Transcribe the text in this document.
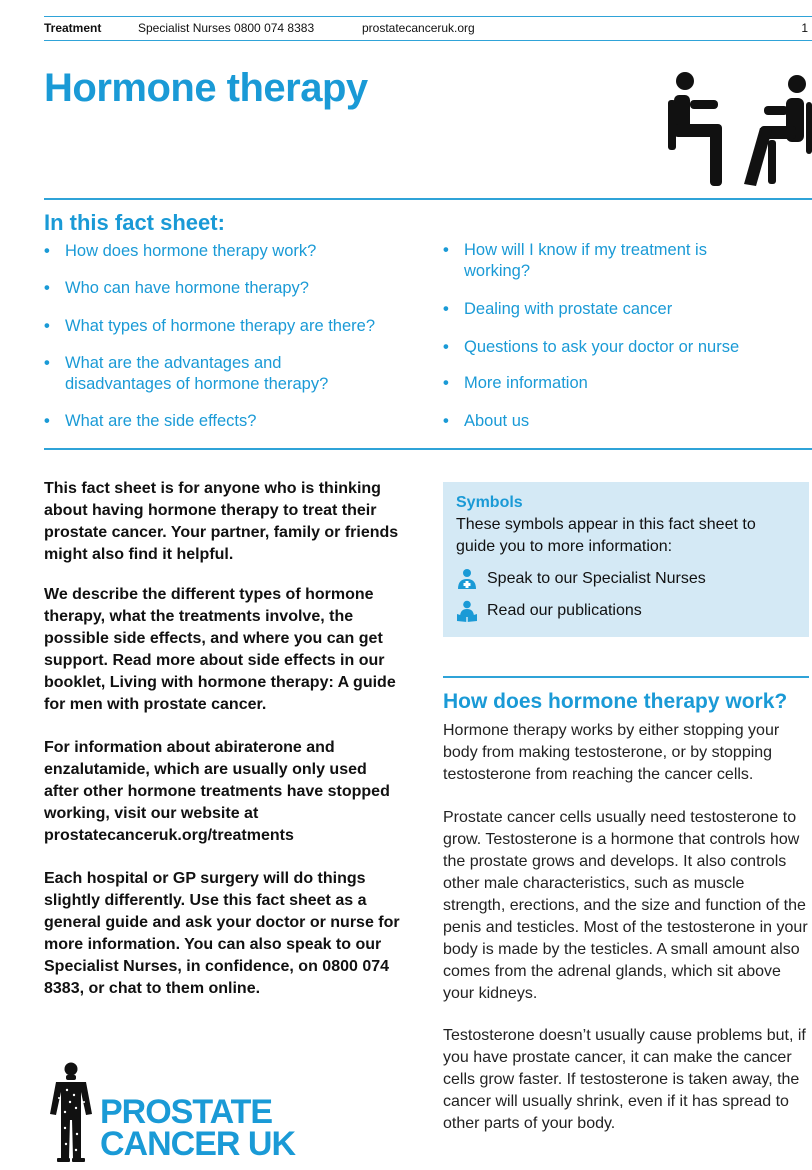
Treatment	Specialist Nurses 0800 074 8383	prostatecanceruk.org	1
Hormone therapy
In this fact sheet:
• How does hormone therapy work?
• Who can have hormone therapy?
• What types of hormone therapy are there?
• What are the advantages and disadvantages of hormone therapy?
• What are the side effects?
• How will I know if my treatment is working?
• Dealing with prostate cancer
• Questions to ask your doctor or nurse
• More information
• About us

This fact sheet is for anyone who is thinking about having hormone therapy to treat their prostate cancer. Your partner, family or friends might also find it helpful.

We describe the different types of hormone therapy, what the treatments involve, the possible side effects, and where you can get support. Read more about side effects in our booklet, Living with hormone therapy: A guide for men with prostate cancer.

For information about abiraterone and enzalutamide, which are usually only used after other hormone treatments have stopped working, visit our website at prostatecanceruk.org/treatments

Each hospital or GP surgery will do things slightly differently. Use this fact sheet as a general guide and ask your doctor or nurse for more information. You can also speak to our Specialist Nurses, in confidence, on 0800 074 8383, or chat to them online.

Symbols
These symbols appear in this fact sheet to guide you to more information:
Speak to our Specialist Nurses
Read our publications
How does hormone therapy work?

Hormone therapy works by either stopping your body from making testosterone, or by stopping testosterone from reaching the cancer cells.

Prostate cancer cells usually need testosterone to grow. Testosterone is a hormone that controls how the prostate grows and develops. It also controls other male characteristics, such as muscle strength, erections, and the size and function of the penis and testicles. Most of the testosterone in your body is made by the testicles. A small amount also comes from the adrenal glands, which sit above your kidneys.

Testosterone doesn’t usually cause problems but, if you have prostate cancer, it can make the cancer cells grow faster. If testosterone is taken away, the cancer will usually shrink, even if it has spread to other parts of your body.

PROSTATE
CANCER UK
